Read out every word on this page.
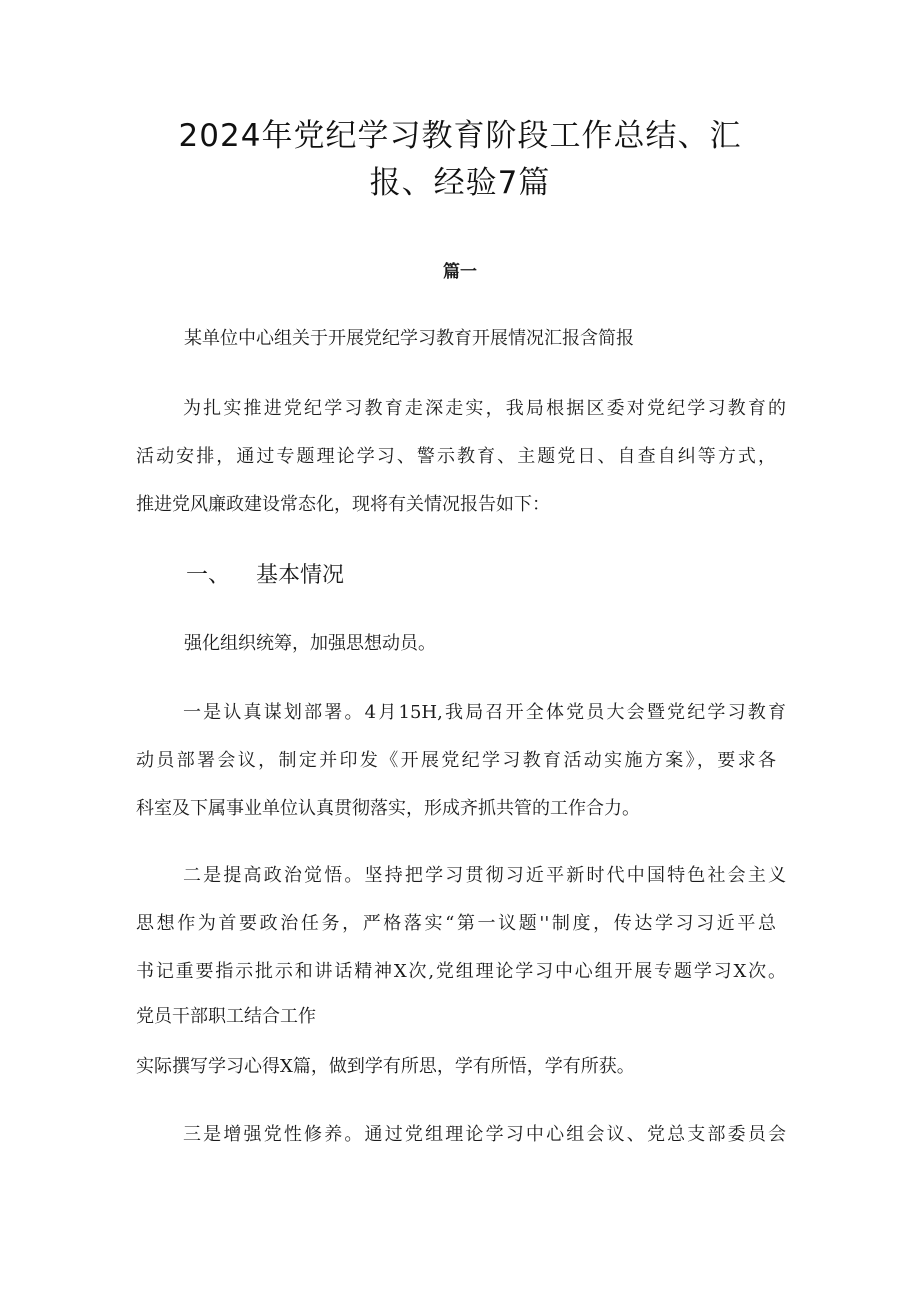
2024年党纪学习教育阶段工作总结、汇
报、经验7篇
篇一
某单位中心组关于开展党纪学习教育开展情况汇报含简报
为扎实推进党纪学习教育走深走实，我局根据区委对党纪学习教育的
活动安排，通过专题理论学习、警示教育、主题党日、自查自纠等方式，
推进党风廉政建设常态化，现将有关情况报告如下：
一、 基本情况
强化组织统筹，加强思想动员。
一是认真谋划部署。4月15H,我局召开全体党员大会暨党纪学习教育
动员部署会议，制定并印发《开展党纪学习教育活动实施方案》，要求各
科室及下属事业单位认真贯彻落实，形成齐抓共管的工作合力。
二是提高政治觉悟。坚持把学习贯彻习近平新时代中国特色社会主义
思想作为首要政治任务，严格落实“第一议题''制度，传达学习习近平总
书记重要指示批示和讲话精神X次,党组理论学习中心组开展专题学习X次。
党员干部职工结合工作
实际撰写学习心得X篇，做到学有所思，学有所悟，学有所获。
三是增强党性修养。通过党组理论学习中心组会议、党总支部委员会
